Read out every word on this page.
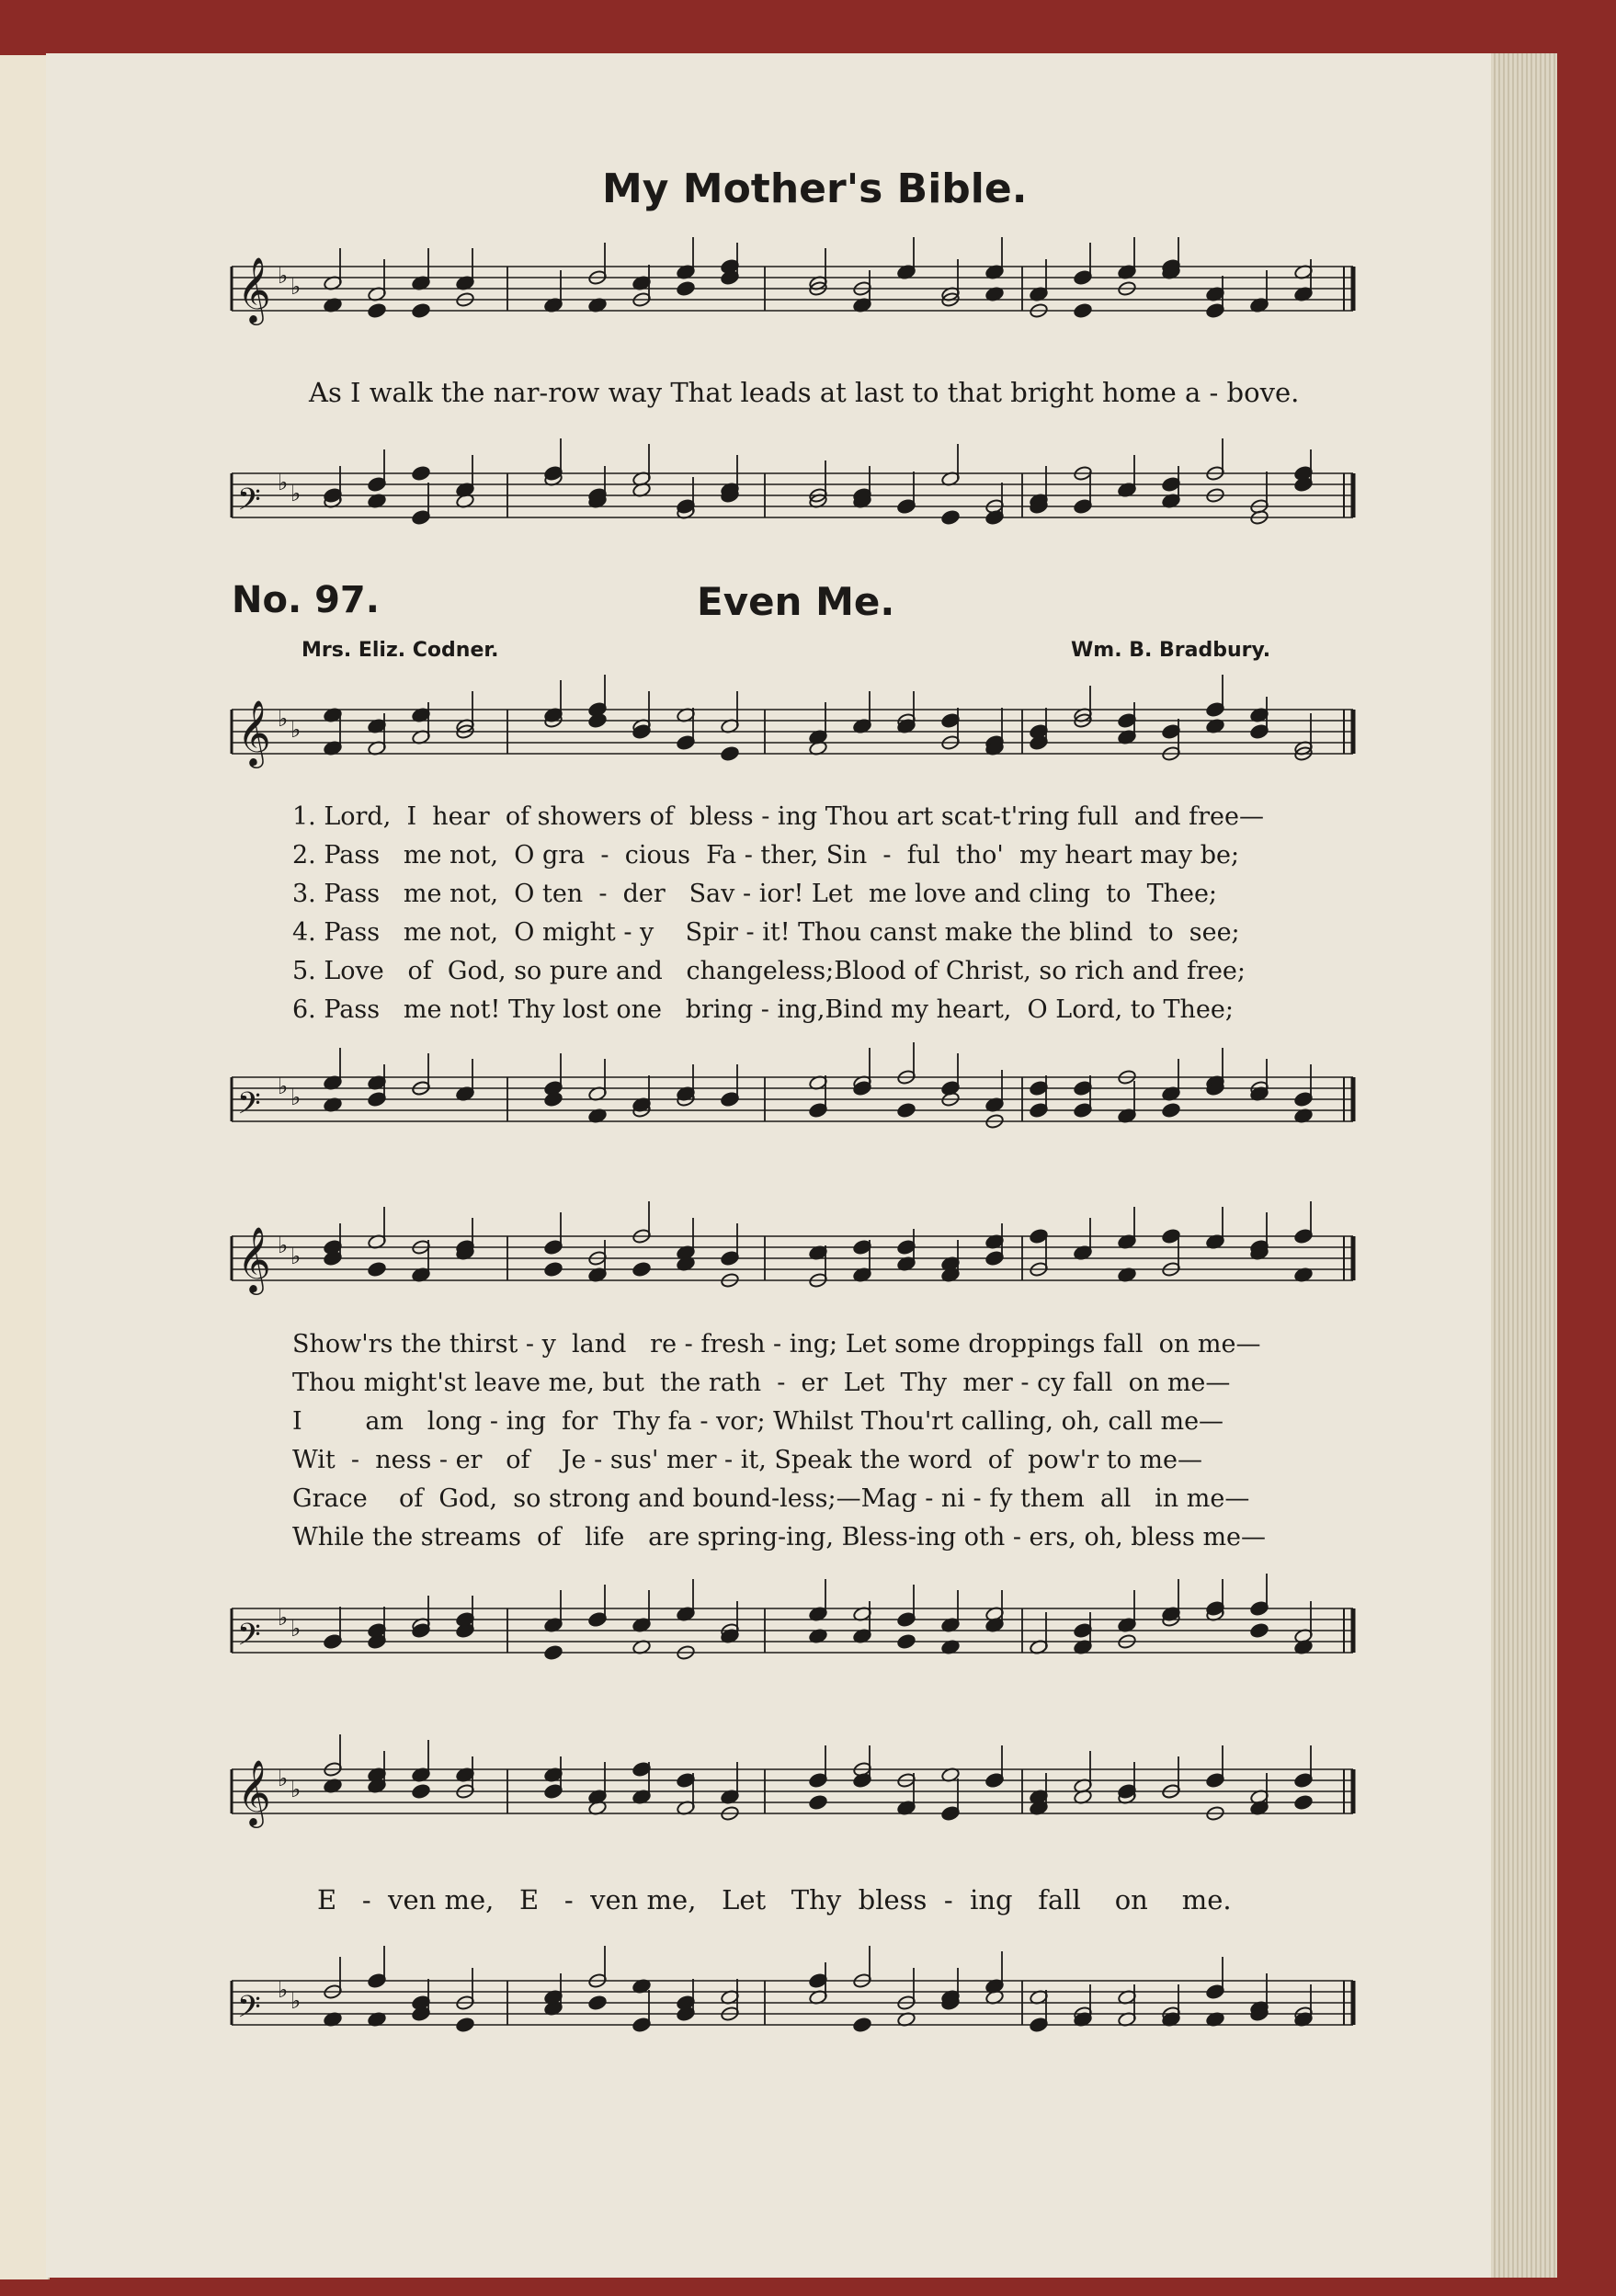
My Mother's Bible.
𝄞 ♭ ♭
As I walk the nar-row way That leads at last to that bright home a - bove.
𝄢 ♭ ♭
No. 97.	Even Me.
Mrs. Eliz. Codner.	Wm. B. Bradbury.
𝄞 ♭ ♭
1. Lord,  I  hear  of showers of  bless - ing Thou art scat-t'ring full  and free—
2. Pass   me not,  O gra  -  cious  Fa - ther, Sin  -  ful  tho'  my heart may be;
3. Pass   me not,  O ten  -  der   Sav - ior! Let  me love and cling  to  Thee;
4. Pass   me not,  O might - y    Spir - it! Thou canst make the blind  to  see;
5. Love   of  God, so pure and   changeless;Blood of Christ, so rich and free;
6. Pass   me not! Thy lost one   bring - ing,Bind my heart,  O Lord, to Thee;
𝄢 ♭ ♭
𝄞 ♭ ♭
Show'rs the thirst - y  land   re - fresh - ing; Let some droppings fall  on me—
Thou might'st leave me, but  the rath  -  er  Let  Thy  mer - cy fall  on me—
I        am   long - ing  for  Thy fa - vor; Whilst Thou'rt calling, oh, call me—
Wit  -  ness - er   of    Je - sus' mer - it, Speak the word  of  pow'r to me—
Grace    of  God,  so strong and bound-less;—Mag - ni - fy them  all   in me—
While the streams  of   life   are spring-ing, Bless-ing oth - ers, oh, bless me—
𝄢 ♭ ♭
𝄞 ♭ ♭
E   -  ven me,   E   -  ven me,   Let   Thy  bless  -  ing   fall    on    me.
𝄢 ♭ ♭
